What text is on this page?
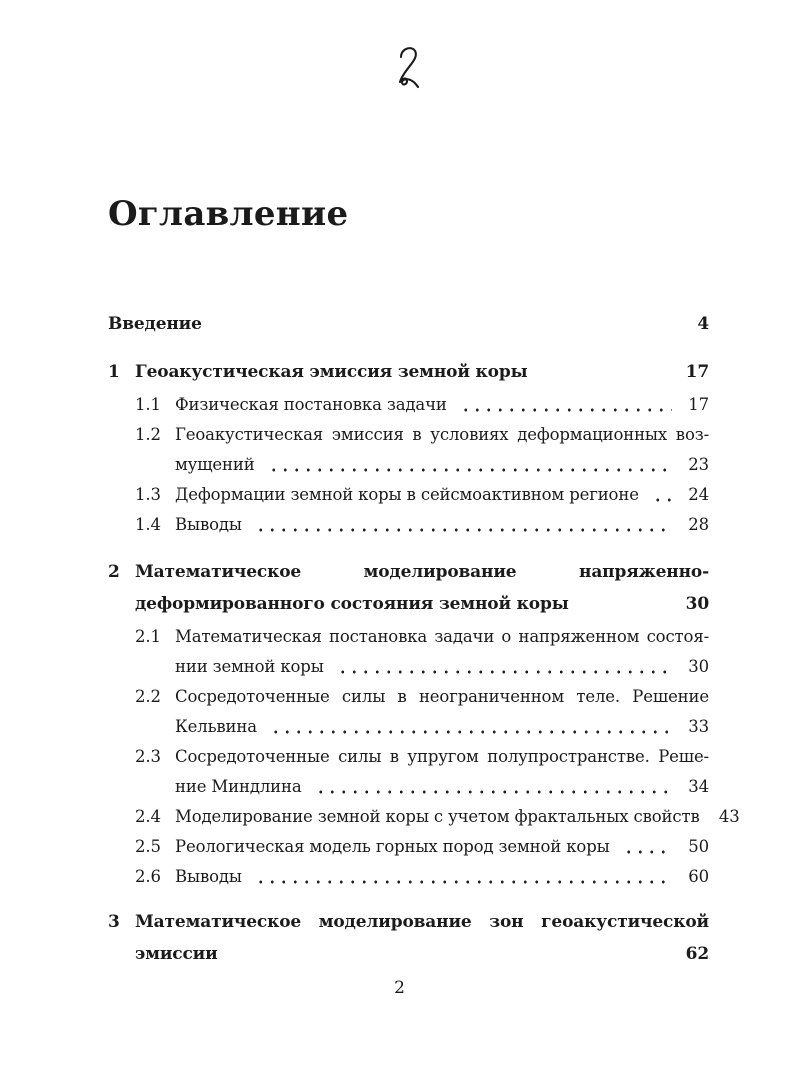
Оглавление
Введение	4
1 Геоакустическая эмиссия земной коры	17
1.1 Физическая постановка задачи	17
1.2 Геоакустическая эмиссия в условиях деформационных воз-
мущений	23
1.3 Деформации земной коры в сейсмоактивном регионе	24
1.4 Выводы	28
2 Математическое моделирование напряженно-
деформированного состояния земной коры	30
2.1 Математическая постановка задачи о напряженном состоя-
нии земной коры	30
2.2 Сосредоточенные силы в неограниченном теле. Решение
Кельвина	33
2.3 Сосредоточенные силы в упругом полупространстве. Реше-
ние Миндлина	34
2.4 Моделирование земной коры с учетом фрактальных свойств	43
2.5 Реологическая модель горных пород земной коры	50
2.6 Выводы	60
3 Математическое моделирование зон геоакустической
эмиссии	62
2
